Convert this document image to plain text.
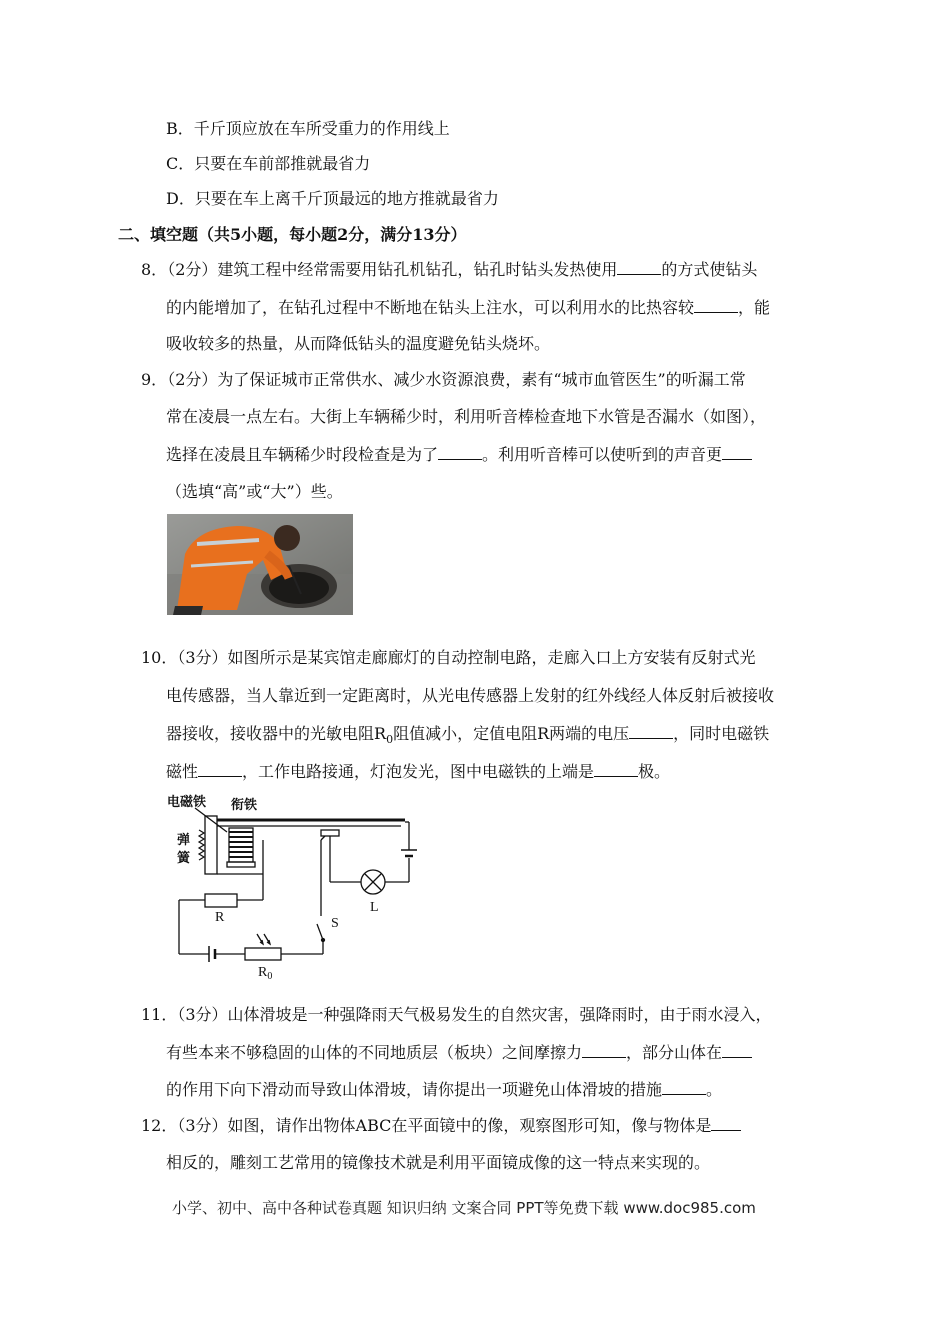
B．千斤顶应放在车所受重力的作用线上
C．只要在车前部推就最省力
D．只要在车上离千斤顶最远的地方推就最省力
二、填空题（共5小题，每小题2分，满分13分）
8．（2分）建筑工程中经常需要用钻孔机钻孔，钻孔时钻头发热使用	的方式使钻头
的内能增加了，在钻孔过程中不断地在钻头上注水，可以利用水的比热容较	，能
吸收较多的热量，从而降低钻头的温度避免钻头烧坏。
9．（2分）为了保证城市正常供水、减少水资源浪费，素有“城市血管医生”的听漏工常
常在凌晨一点左右。大街上车辆稀少时，利用听音棒检查地下水管是否漏水（如图），
选择在凌晨且车辆稀少时段检查是为了	。利用听音棒可以使听到的声音更
（选填“高”或“大”）些。
10．（3分）如图所示是某宾馆走廊廊灯的自动控制电路，走廊入口上方安装有反射式光
电传感器，当人靠近到一定距离时，从光电传感器上发射的红外线经人体反射后被接收
器接收，接收器中的光敏电阻$R_0$阻值减小，定值电阻R两端的电压	，同时电磁铁
磁性	，工作电路接通，灯泡发光，图中电磁铁的上端是	极。
电磁铁 衔铁
弹
簧
L
R
$R_0$
S
11．（3分）山体滑坡是一种强降雨天气极易发生的自然灾害，强降雨时，由于雨水浸入，
有些本来不够稳固的山体的不同地质层（板块）之间摩擦力	，部分山体在
的作用下向下滑动而导致山体滑坡，请你提出一项避免山体滑坡的措施	。
12．（3分）如图，请作出物体ABC在平面镜中的像，观察图形可知，像与物体是
相反的，雕刻工艺常用的镜像技术就是利用平面镜成像的这一特点来实现的。
小学、初中、高中各种试卷真题 知识归纳 文案合同 PPT等免费下载 www.doc985.com
